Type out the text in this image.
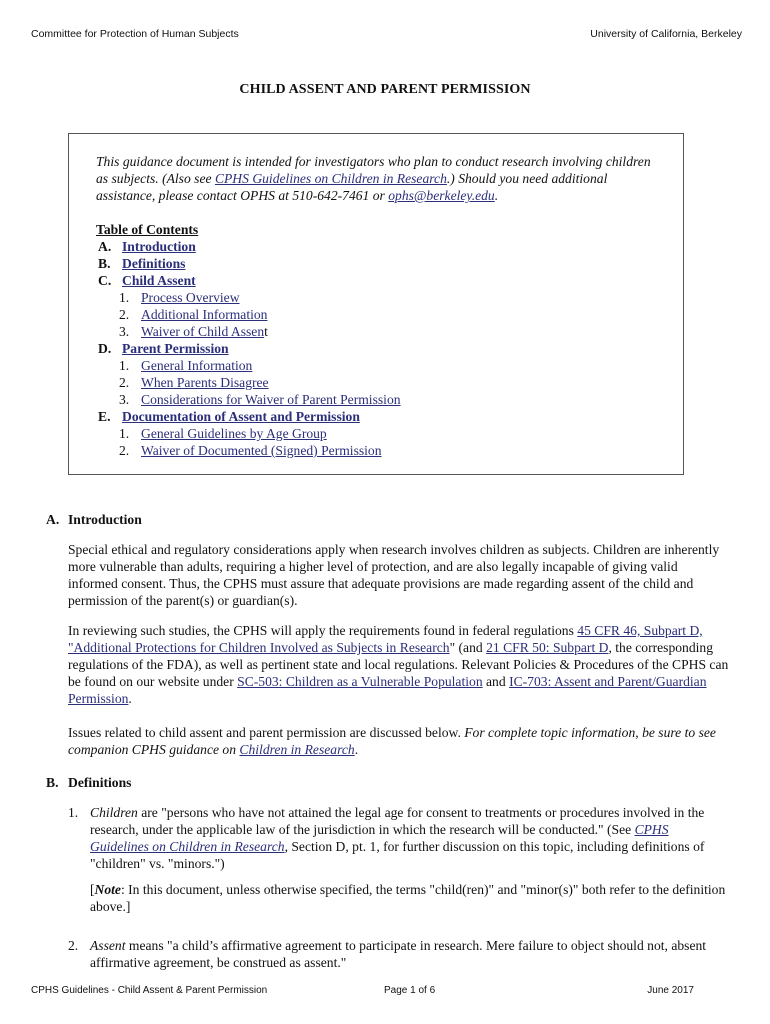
Committee for Protection of Human Subjects	University of California, Berkeley
CHILD ASSENT AND PARENT PERMISSION
This guidance document is intended for investigators who plan to conduct research involving children as subjects. (Also see CPHS Guidelines on Children in Research.) Should you need additional assistance, please contact OPHS at 510-642-7461 or ophs@berkeley.edu.
Table of Contents
A. Introduction
B. Definitions
C. Child Assent
1. Process Overview
2. Additional Information
3. Waiver of Child Assent
D. Parent Permission
1. General Information
2. When Parents Disagree
3. Considerations for Waiver of Parent Permission
E. Documentation of Assent and Permission
1. General Guidelines by Age Group
2. Waiver of Documented (Signed) Permission
A. Introduction
Special ethical and regulatory considerations apply when research involves children as subjects. Children are inherently more vulnerable than adults, requiring a higher level of protection, and are also legally incapable of giving valid informed consent. Thus, the CPHS must assure that adequate provisions are made regarding assent of the child and permission of the parent(s) or guardian(s).
In reviewing such studies, the CPHS will apply the requirements found in federal regulations 45 CFR 46, Subpart D, "Additional Protections for Children Involved as Subjects in Research" (and 21 CFR 50: Subpart D, the corresponding regulations of the FDA), as well as pertinent state and local regulations. Relevant Policies & Procedures of the CPHS can be found on our website under SC-503: Children as a Vulnerable Population and IC-703: Assent and Parent/Guardian Permission.
Issues related to child assent and parent permission are discussed below. For complete topic information, be sure to see companion CPHS guidance on Children in Research.
B. Definitions
1. Children are "persons who have not attained the legal age for consent to treatments or procedures involved in the research, under the applicable law of the jurisdiction in which the research will be conducted." (See CPHS Guidelines on Children in Research, Section D, pt. 1, for further discussion on this topic, including definitions of "children" vs. "minors.")
[Note: In this document, unless otherwise specified, the terms "child(ren)" and "minor(s)" both refer to the definition above.]
2. Assent means "a child’s affirmative agreement to participate in research. Mere failure to object should not, absent affirmative agreement, be construed as assent."
CPHS Guidelines - Child Assent & Parent Permission	Page 1 of 6	June 2017
